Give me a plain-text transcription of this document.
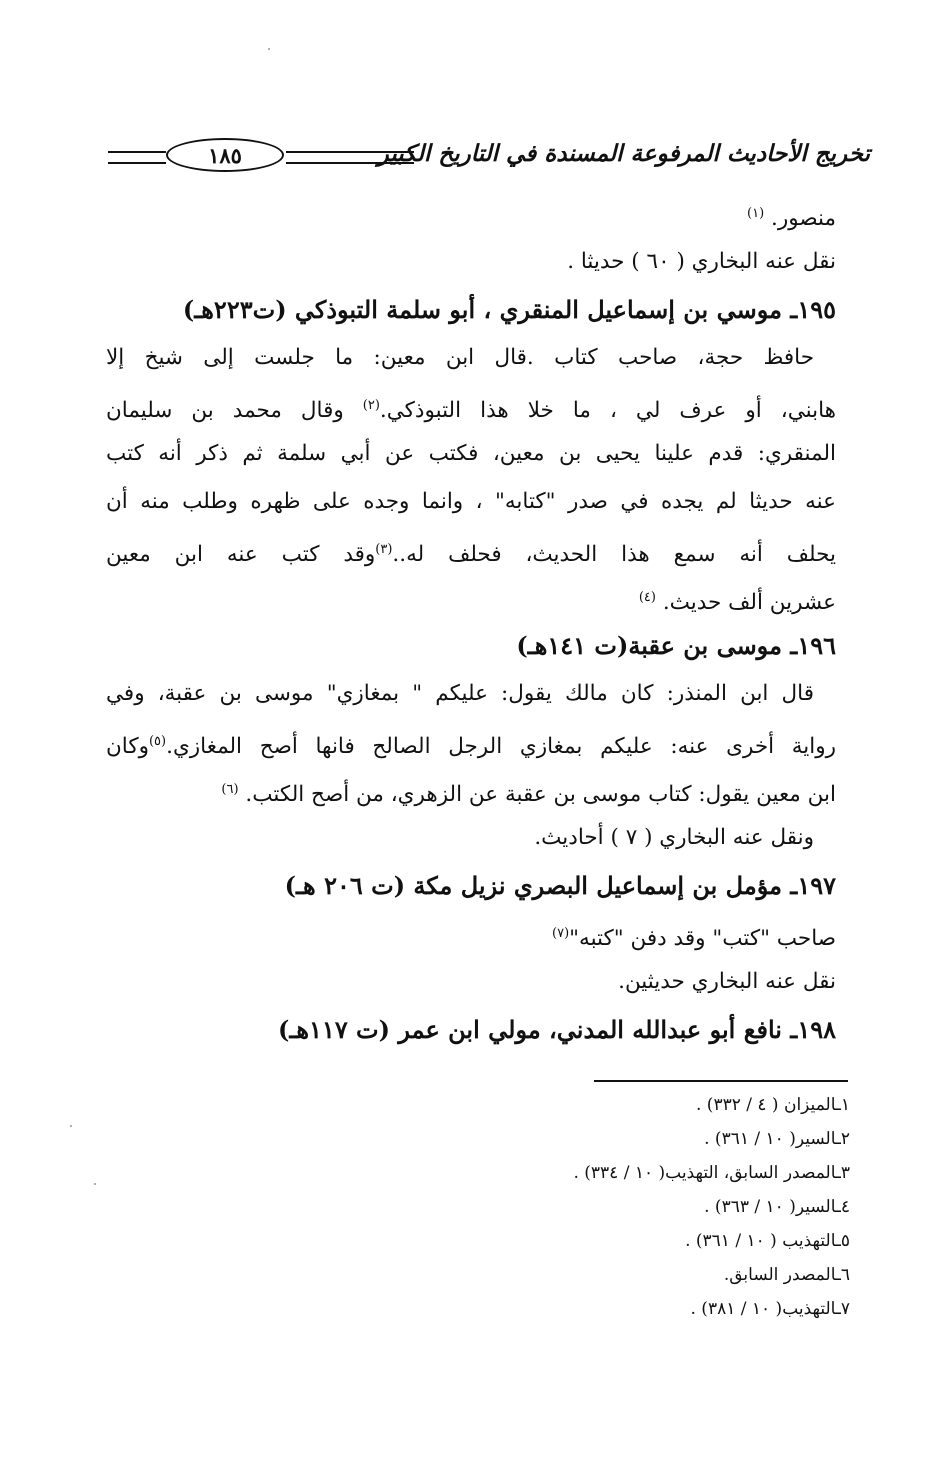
١٨٥	تخريج الأحاديث المرفوعة المسندة في التاريخ الكبير
منصور. $^{(١)}$
نقل عنه البخاري ( ٦٠ ) حديثا .
١٩٥ـ موسي بن إسماعيل المنقري ، أبو سلمة التبوذكي (ت٢٢٣هـ)
حافظ حجة، صاحب كتاب .قال ابن معين: ما جلست إلى شيخ إلا
هابني، أو عرف لي ، ما خلا هذا التبوذكي.$^{(٢)}$ وقال محمد بن سليمان
المنقري: قدم علينا يحيى بن معين، فكتب عن أبي سلمة ثم ذكر أنه كتب
عنه حديثا لم يجده في صدر "كتابه" ، وانما وجده على ظهره وطلب منه أن
يحلف أنه سمع هذا الحديث، فحلف له..$^{(٣)}$وقد كتب عنه ابن معين
عشرين ألف حديث. $^{(٤)}$
١٩٦ـ موسى بن عقبة(ت ١٤١هـ)
قال ابن المنذر: كان مالك يقول: عليكم " بمغازي" موسى بن عقبة، وفي
رواية أخرى عنه: عليكم بمغازي الرجل الصالح فانها أصح المغازي.$^{(٥)}$وكان
ابن معين يقول: كتاب موسى بن عقبة عن الزهري، من أصح الكتب. $^{(٦)}$
ونقل عنه البخاري ( ٧ ) أحاديث.
١٩٧ـ مؤمل بن إسماعيل البصري نزيل مكة (ت ٢٠٦ هـ)
صاحب "كتب" وقد دفن "كتبه"$^{(٧)}$
نقل عنه البخاري حديثين.
١٩٨ـ نافع أبو عبدالله المدني، مولي ابن عمر (ت ١١٧هـ)
١ـالميزان ( ٤ / ٣٣٢) .
٢ـالسير( ١٠ / ٣٦١) .
٣ـالمصدر السابق، التهذيب( ١٠ / ٣٣٤) .
٤ـالسير( ١٠ / ٣٦٣) .
٥ـالتهذيب ( ١٠ / ٣٦١) .
٦ـالمصدر السابق.
٧ـالتهذيب( ١٠ / ٣٨١) .
